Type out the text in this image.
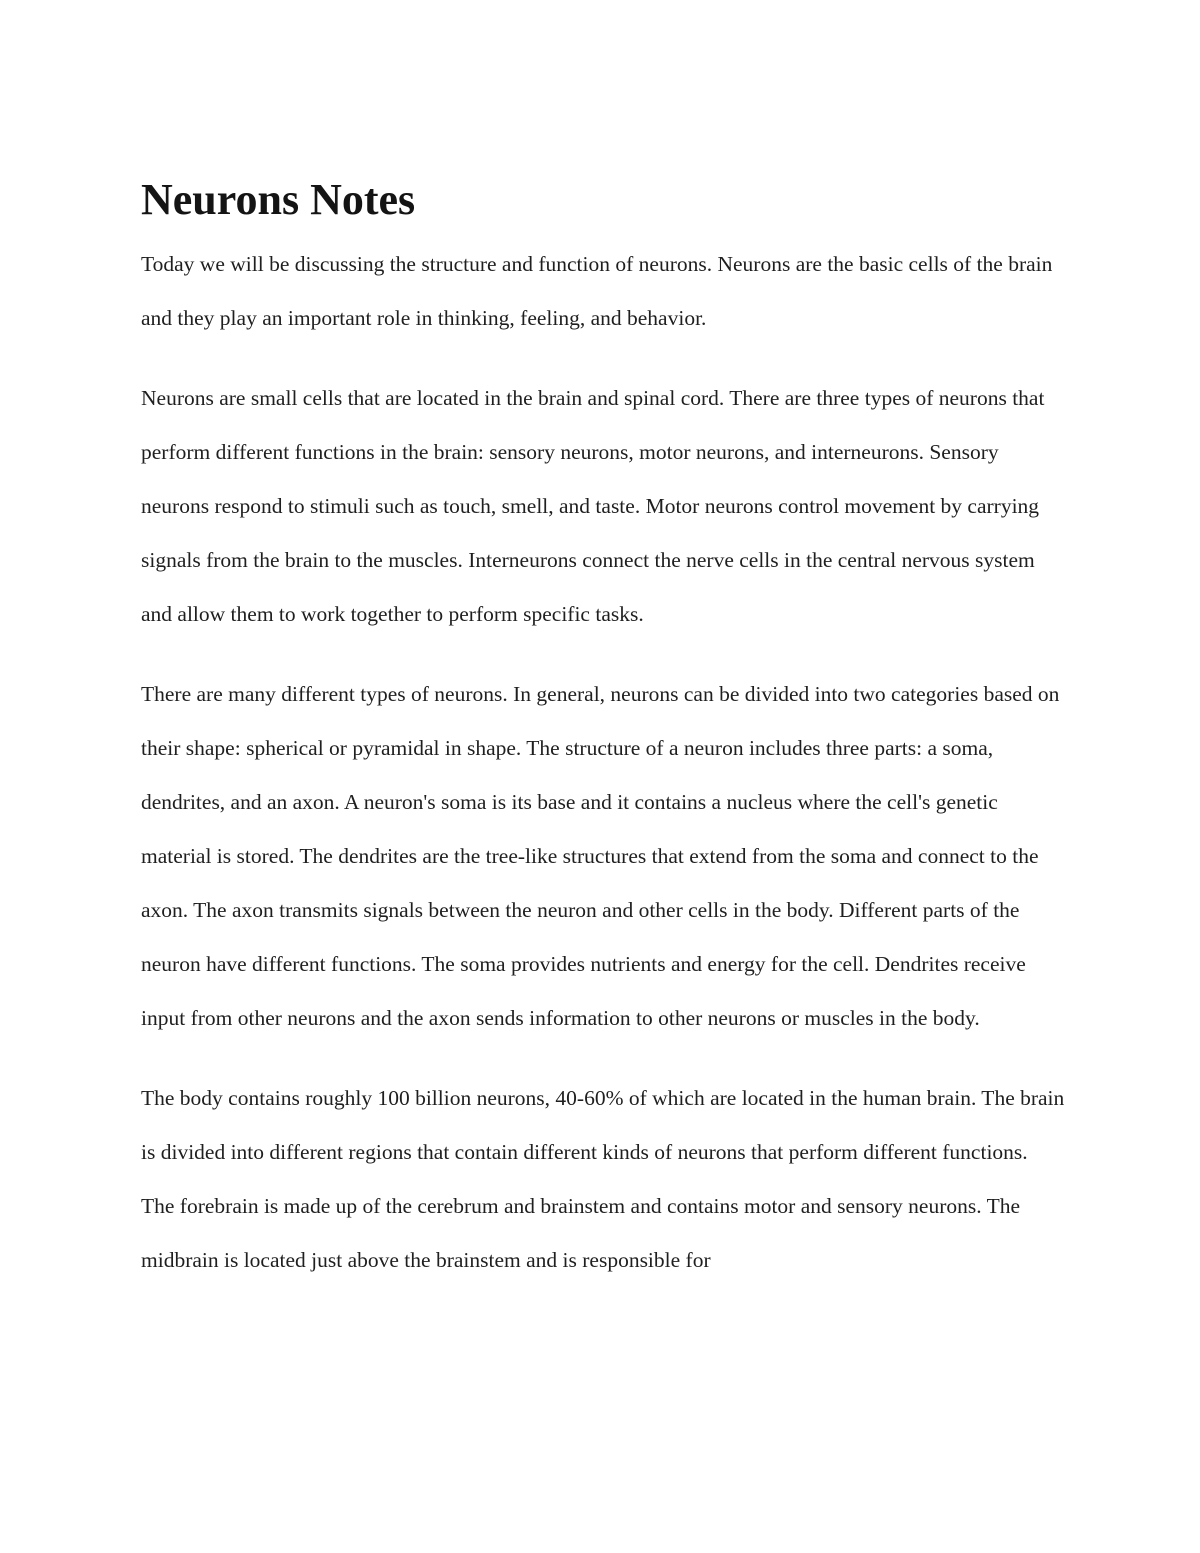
Neurons Notes

Today we will be discussing the structure and function of neurons. Neurons are the basic cells of the brain and they play an important role in thinking, feeling, and behavior.

Neurons are small cells that are located in the brain and spinal cord. There are three types of neurons that perform different functions in the brain: sensory neurons, motor neurons, and interneurons. Sensory neurons respond to stimuli such as touch, smell, and taste. Motor neurons control movement by carrying signals from the brain to the muscles. Interneurons connect the nerve cells in the central nervous system and allow them to work together to perform specific tasks.

There are many different types of neurons. In general, neurons can be divided into two categories based on their shape: spherical or pyramidal in shape. The structure of a neuron includes three parts: a soma, dendrites, and an axon. A neuron's soma is its base and it contains a nucleus where the cell's genetic material is stored. The dendrites are the tree-like structures that extend from the soma and connect to the axon. The axon transmits signals between the neuron and other cells in the body. Different parts of the neuron have different functions. The soma provides nutrients and energy for the cell. Dendrites receive input from other neurons and the axon sends information to other neurons or muscles in the body.

The body contains roughly 100 billion neurons, 40-60% of which are located in the human brain. The brain is divided into different regions that contain different kinds of neurons that perform different functions. The forebrain is made up of the cerebrum and brainstem and contains motor and sensory neurons. The midbrain is located just above the brainstem and is responsible for
